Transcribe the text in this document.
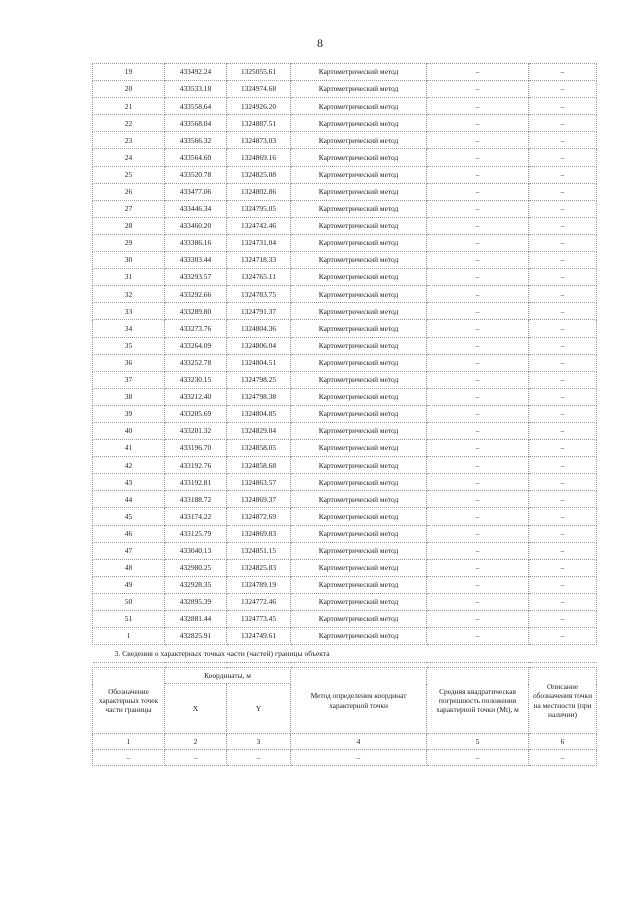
8
19	433492.24	1325055.61	Картометрический метод	–	–
20	433533.18	1324974.68	Картометрический метод	–	–
21	433558.64	1324926.20	Картометрический метод	–	–
22	433568.04	1324887.51	Картометрический метод	–	–
23	433566.32	1324873.03	Картометрический метод	–	–
24	433564.60	1324869.16	Картометрический метод	–	–
25	433520.78	1324825.08	Картометрический метод	–	–
26	433477.06	1324802.86	Картометрический метод	–	–
27	433446.34	1324795.05	Картометрический метод	–	–
28	433460.20	1324742.46	Картометрический метод	–	–
29	433386.16	1324731.04	Картометрический метод	–	–
30	433303.44	1324718.33	Картометрический метод	–	–
31	433293.57	1324765.11	Картометрический метод	–	–
32	433292.66	1324783.75	Картометрический метод	–	–
33	433289.80	1324791.37	Картометрический метод	–	–
34	433273.76	1324804.36	Картометрический метод	–	–
35	433264.09	1324806.04	Картометрический метод	–	–
36	433252.78	1324804.51	Картометрический метод	–	–
37	433230.15	1324798.25	Картометрический метод	–	–
38	433212.40	1324798.38	Картометрический метод	–	–
39	433205.69	1324804.85	Картометрический метод	–	–
40	433201.32	1324829.04	Картометрический метод	–	–
41	433196.70	1324858.05	Картометрический метод	–	–
42	433192.76	1324858.68	Картометрический метод	–	–
43	433192.81	1324863.57	Картометрический метод	–	–
44	433188.72	1324869.37	Картометрический метод	–	–
45	433174.22	1324872.69	Картометрический метод	–	–
46	433125.79	1324869.83	Картометрический метод	–	–
47	433040.13	1324851.15	Картометрический метод	–	–
48	432980.25	1324825.83	Картометрический метод	–	–
49	432928.35	1324789.19	Картометрический метод	–	–
50	432895.39	1324772.46	Картометрический метод	–	–
51	432881.44	1324773.45	Картометрический метод	–	–
1	432825.91	1324749.61	Картометрический метод	–	–
3. Сведения о характерных точках части (частей) границы объекта					
Обозначение характерных точек части границы	Координаты, м		Метод определения координат характерной точки	Средняя квадратическая погрешность положения характерной точки (Mt), м	Описание обозначения точки на местности (при наличии)
	X	Y			
1	2	3	4	5	6
–	–	–	–	–	–
